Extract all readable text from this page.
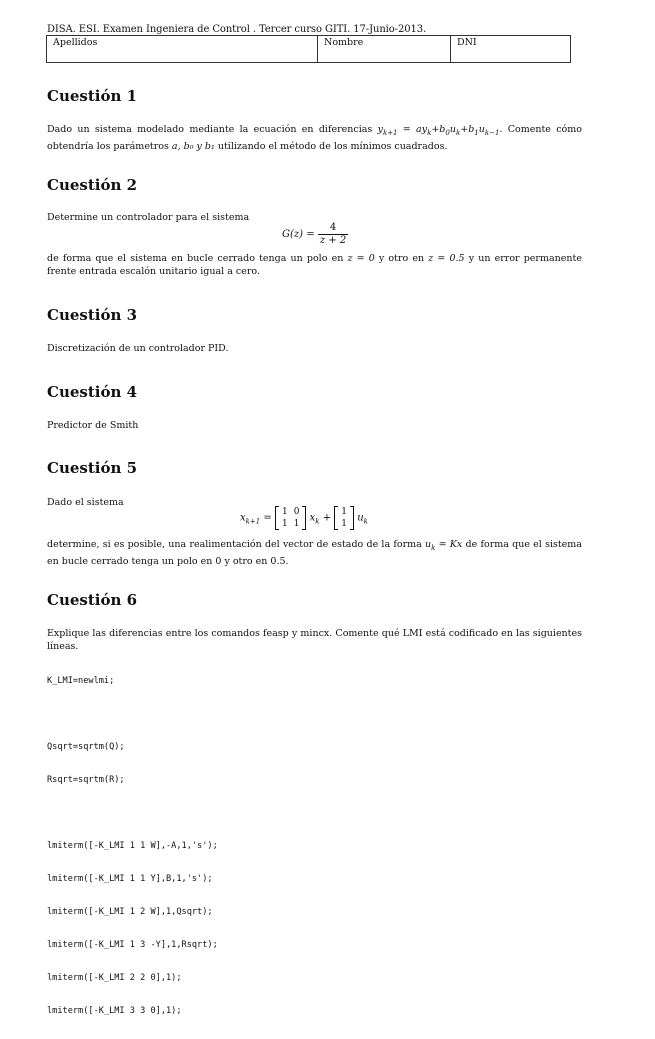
DISA. ESI. Examen Ingeniera de Control . Tercer curso GITI. 17-Junio-2013.
Apellidos	Nombre	DNI
Cuestión 1
Dado un sistema modelado mediante la ecuación en diferencias $y_{k+1} = ay_k+b_0u_k+b_1u_{k-1}$. Comente cómo obtendría los parámetros a, b₀ y b₁ utilizando el método de los mínimos cuadrados.
Cuestión 2
Determine un controlador para el sistema
$G(z) = \frac{4}{z + 2}$
de forma que el sistema en bucle cerrado tenga un polo en z = 0 y otro en z = 0.5 y un error permanente frente entrada escalón unitario igual a cero.
Cuestión 3
Discretización de un controlador PID.
Cuestión 4
Predictor de Smith
Cuestión 5
Dado el sistema
$x_{k+1}$ =
1	0
1	1
$x_k$ +
1
1
$u_k$
determine, si es posible, una realimentación del vector de estado de la forma $u_k = Kx$ de forma que el sistema en bucle cerrado tenga un polo en 0 y otro en 0.5.
Cuestión 6
Explique las diferencias entre los comandos feasp y mincx. Comente qué LMI está codificado en las siguientes líneas.

K_LMI=newlmi;

Qsqrt=sqrtm(Q);

Rsqrt=sqrtm(R);

lmiterm([-K_LMI 1 1 W],-A,1,'s');

lmiterm([-K_LMI 1 1 Y],B,1,'s');

lmiterm([-K_LMI 1 2 W],1,Qsqrt);

lmiterm([-K_LMI 1 3 -Y],1,Rsqrt);

lmiterm([-K_LMI 2 2 0],1);

lmiterm([-K_LMI 3 3 0],1);
